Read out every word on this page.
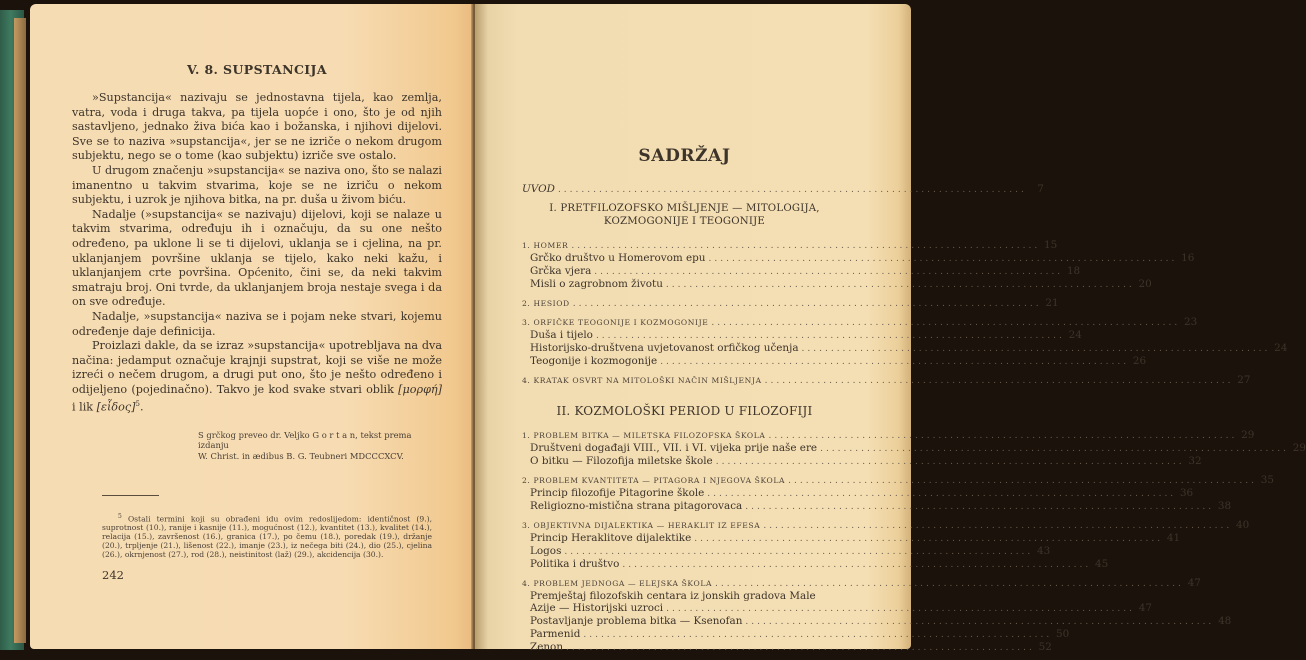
V. 8. SUPSTANCIJA

»Supstancija« nazivaju se jednostavna tijela, kao zemlja, vatra, voda i druga takva, pa tijela uopće i ono, što je od njih sastavljeno, jednako živa bića kao i božanska, i njihovi dijelovi. Sve se to naziva »supstancija«, jer se ne izriče o nekom drugom subjektu, nego se o tome (kao subjektu) izriče sve ostalo.

U drugom značenju »supstancija« se naziva ono, što se nalazi imanentno u takvim stvarima, koje se ne izriču o nekom subjektu, i uzrok je njihova bitka, na pr. duša u živom biću.

Nadalje (»supstancija« se nazivaju) dijelovi, koji se nalaze u takvim stvarima, određuju ih i označuju, da su one nešto određeno, pa uklone li se ti dijelovi, uklanja se i cjelina, na pr. uklanjanjem površine uklanja se tijelo, kako neki kažu, i uklanjanjem crte površina. Općenito, čini se, da neki takvim smatraju broj. Oni tvrde, da uklanjanjem broja nestaje svega i da on sve određuje.

Nadalje, »supstancija« naziva se i pojam neke stvari, kojemu određenje daje definicija.

Proizlazi dakle, da se izraz »supstancija« upotrebljava na dva načina: jedamput označuje krajnji supstrat, koji se više ne može izreći o nečem drugom, a drugi put ono, što je nešto određeno i odijeljeno (pojedinačno). Takvo je kod svake stvari oblik [μορφή] i lik [εἶδος]$^5$.

S grčkog preveo dr. Veljko G o r t a n, tekst prema izdanju
W. Christ. in ædibus B. G. Teubneri MDCCCXCV.
$^5$ Ostali termini koji su obrađeni idu ovim redoslijedom: identičnost (9.), suprotnost (10.), ranije i kasnije (11.), mogućnost (12.), kvantitet (13.), kvalitet (14.), relacija (15.), završenost (16.), granica (17.), po čemu (18.), poredak (19.), držanje (20.), trpljenje (21.), lišenost (22.), imanje (23.), iz nečega biti (24.), dio (25.), cjelina (26.), okrnjenost (27.), rod (28.), neistinitost (laž) (29.), akcidencija (30.).
242
SADRŽAJ
UVOD ................................................................................ 7
I. PRETFILOZOFSKO MIŠLJENJE — MITOLOGIJA,
KOZMOGONIJE I TEOGONIJE
1. HOMER ................................................................................ 15
Grčko društvo u Homerovom epu ................................................................................ 16
Grčka vjera ................................................................................ 18
Misli o zagrobnom životu ................................................................................ 20
2. HESIOD ................................................................................ 21
3. ORFIČKE TEOGONIJE I KOZMOGONIJE ................................................................................ 23
Duša i tijelo ................................................................................ 24
Historijsko-društvena uvjetovanost orfičkog učenja ................................................................................ 24
Teogonije i kozmogonije ................................................................................ 26
4. KRATAK OSVRT NA MITOLOŠKI NAČIN MIŠLJENJA ................................................................................ 27
II. KOZMOLOŠKI PERIOD U FILOZOFIJI
1. PROBLEM BITKA — MILETSKA FILOZOFSKA ŠKOLA ................................................................................ 29
Društveni događaji VIII., VII. i VI. vijeka prije naše ere ................................................................................ 29
O bitku — Filozofija miletske škole ................................................................................ 32
2. PROBLEM KVANTITETA — PITAGORA I NJEGOVA ŠKOLA ................................................................................ 35
Princip filozofije Pitagorine škole ................................................................................ 36
Religiozno-mistična strana pitagorovaca ................................................................................ 38
3. OBJEKTIVNA DIJALEKTIKA — HERAKLIT IZ EFESA ................................................................................ 40
Princip Heraklitove dijalektike ................................................................................ 41
Logos ................................................................................ 43
Politika i društvo ................................................................................ 45
4. PROBLEM JEDNOGA — ELEJSKA ŠKOLA ................................................................................ 47
Premještaj filozofskih centara iz jonskih gradova Male
Azije — Historijski uzroci ................................................................................ 47
Postavljanje problema bitka — Ksenofan ................................................................................ 48
Parmenid ................................................................................ 50
Zenon ................................................................................ 52
